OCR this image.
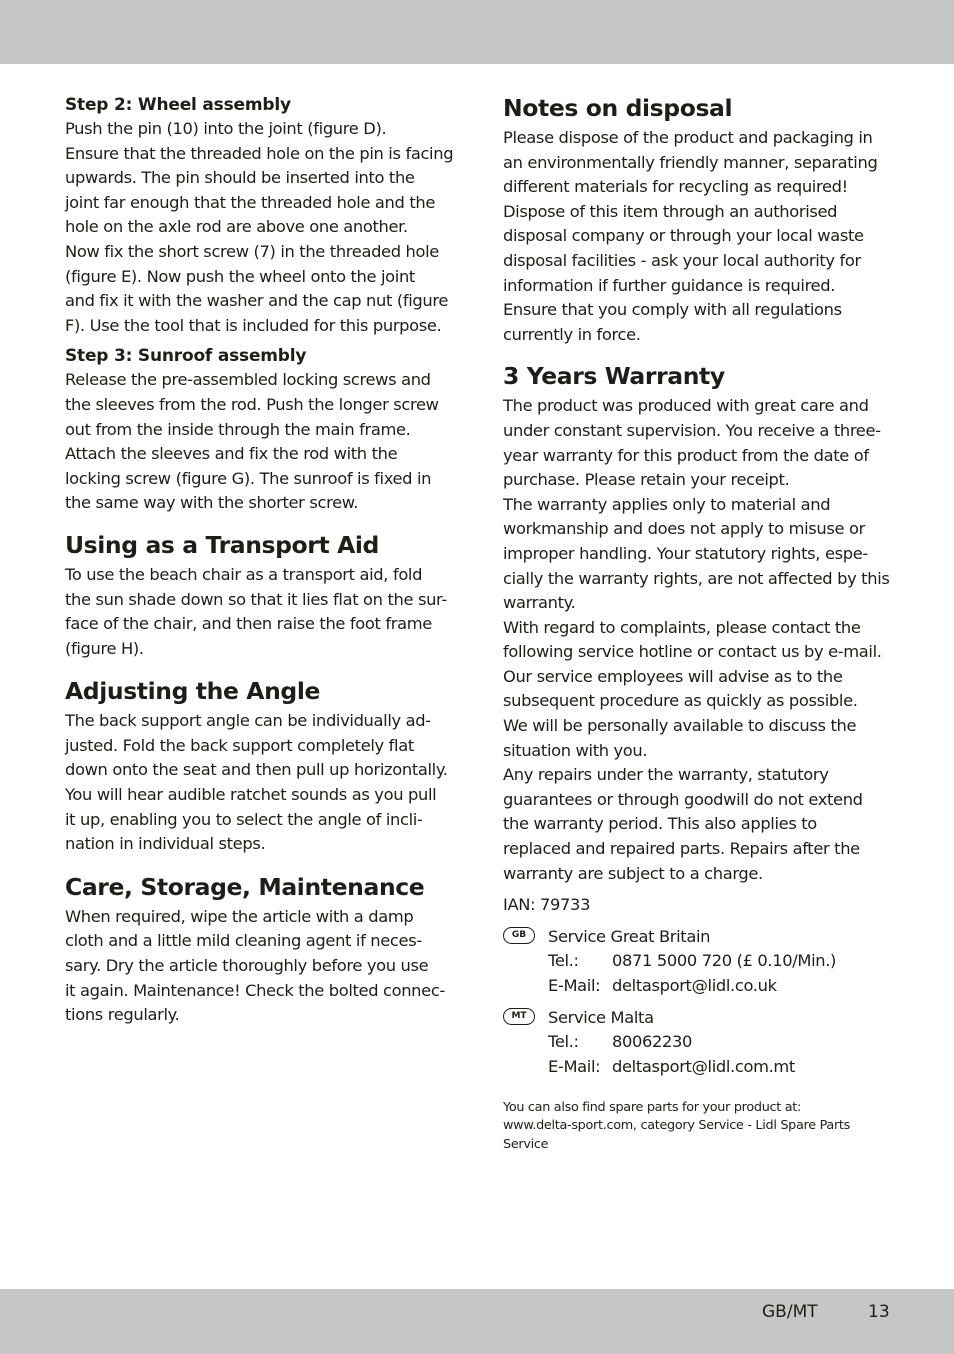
Step 2: Wheel assembly

Push the pin (10) into the joint (figure D).
Ensure that the threaded hole on the pin is facing
upwards. The pin should be inserted into the
joint far enough that the threaded hole and the
hole on the axle rod are above one another.
Now fix the short screw (7) in the threaded hole
(figure E). Now push the wheel onto the joint
and fix it with the washer and the cap nut (figure
F). Use the tool that is included for this purpose.

Step 3: Sunroof assembly

Release the pre-assembled locking screws and
the sleeves from the rod. Push the longer screw
out from the inside through the main frame.
Attach the sleeves and fix the rod with the
locking screw (figure G). The sunroof is fixed in
the same way with the shorter screw.

Using as a Transport Aid

To use the beach chair as a transport aid, fold
the sun shade down so that it lies flat on the sur-
face of the chair, and then raise the foot frame
(figure H).

Adjusting the Angle

The back support angle can be individually ad-
justed. Fold the back support completely flat
down onto the seat and then pull up horizontally.
You will hear audible ratchet sounds as you pull
it up, enabling you to select the angle of incli-
nation in individual steps.

Care, Storage, Maintenance

When required, wipe the article with a damp
cloth and a little mild cleaning agent if neces-
sary. Dry the article thoroughly before you use
it again. Maintenance! Check the bolted connec-
tions regularly.

Notes on disposal

Please dispose of the product and packaging in
an environmentally friendly manner, separating
different materials for recycling as required!
Dispose of this item through an authorised
disposal company or through your local waste
disposal facilities - ask your local authority for
information if further guidance is required.
Ensure that you comply with all regulations
currently in force.

3 Years Warranty

The product was produced with great care and
under constant supervision. You receive a three-
year warranty for this product from the date of
purchase. Please retain your receipt.
The warranty applies only to material and
workmanship and does not apply to misuse or
improper handling. Your statutory rights, espe-
cially the warranty rights, are not affected by this
warranty.
With regard to complaints, please contact the
following service hotline or contact us by e-mail.
Our service employees will advise as to the
subsequent procedure as quickly as possible.
We will be personally available to discuss the
situation with you.
Any repairs under the warranty, statutory
guarantees or through goodwill do not extend
the warranty period. This also applies to
replaced and repaired parts. Repairs after the
warranty are subject to a charge.

IAN: 79733

GB	Service Great Britain
Tel.: 0871 5000 720 (£ 0.10/Min.)
E-Mail: deltasport@lidl.co.uk
MT	Service Malta
Tel.: 80062230
E-Mail: deltasport@lidl.com.mt

You can also find spare parts for your product at:
www.delta-sport.com, category Service - Lidl Spare Parts
Service

GB/MT	13
